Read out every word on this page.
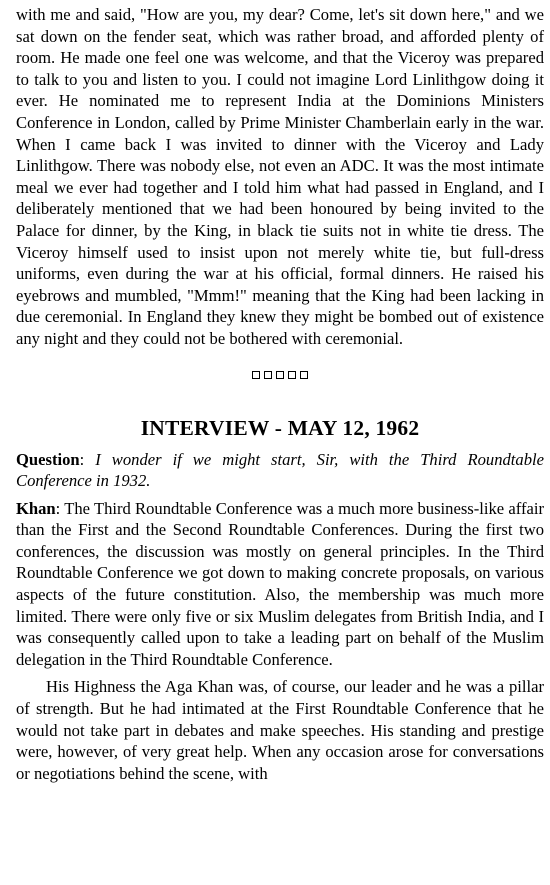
with me and said, "How are you, my dear? Come, let's sit down here," and we sat down on the fender seat, which was rather broad, and afforded plenty of room. He made one feel one was welcome, and that the Viceroy was prepared to talk to you and listen to you. I could not imagine Lord Linlithgow doing it ever. He nominated me to represent India at the Dominions Ministers Conference in London, called by Prime Minister Chamberlain early in the war. When I came back I was invited to dinner with the Viceroy and Lady Linlithgow. There was nobody else, not even an ADC. It was the most intimate meal we ever had together and I told him what had passed in England, and I deliberately mentioned that we had been honoured by being invited to the Palace for dinner, by the King, in black tie suits not in white tie dress. The Viceroy himself used to insist upon not merely white tie, but full-dress uniforms, even during the war at his official, formal dinners. He raised his eyebrows and mumbled, "Mmm!" meaning that the King had been lacking in due ceremonial. In England they knew they might be bombed out of existence any night and they could not be bothered with ceremonial.

INTERVIEW - MAY 12, 1962

Question: I wonder if we might start, Sir, with the Third Roundtable Conference in 1932.

Khan: The Third Roundtable Conference was a much more business-like affair than the First and the Second Roundtable Conferences. During the first two conferences, the discussion was mostly on general principles. In the Third Roundtable Conference we got down to making concrete proposals, on various aspects of the future constitution. Also, the membership was much more limited. There were only five or six Muslim delegates from British India, and I was consequently called upon to take a leading part on behalf of the Muslim delegation in the Third Roundtable Conference.

His Highness the Aga Khan was, of course, our leader and he was a pillar of strength. But he had intimated at the First Roundtable Conference that he would not take part in debates and make speeches. His standing and prestige were, however, of very great help. When any occasion arose for conversations or negotiations behind the scene, with
